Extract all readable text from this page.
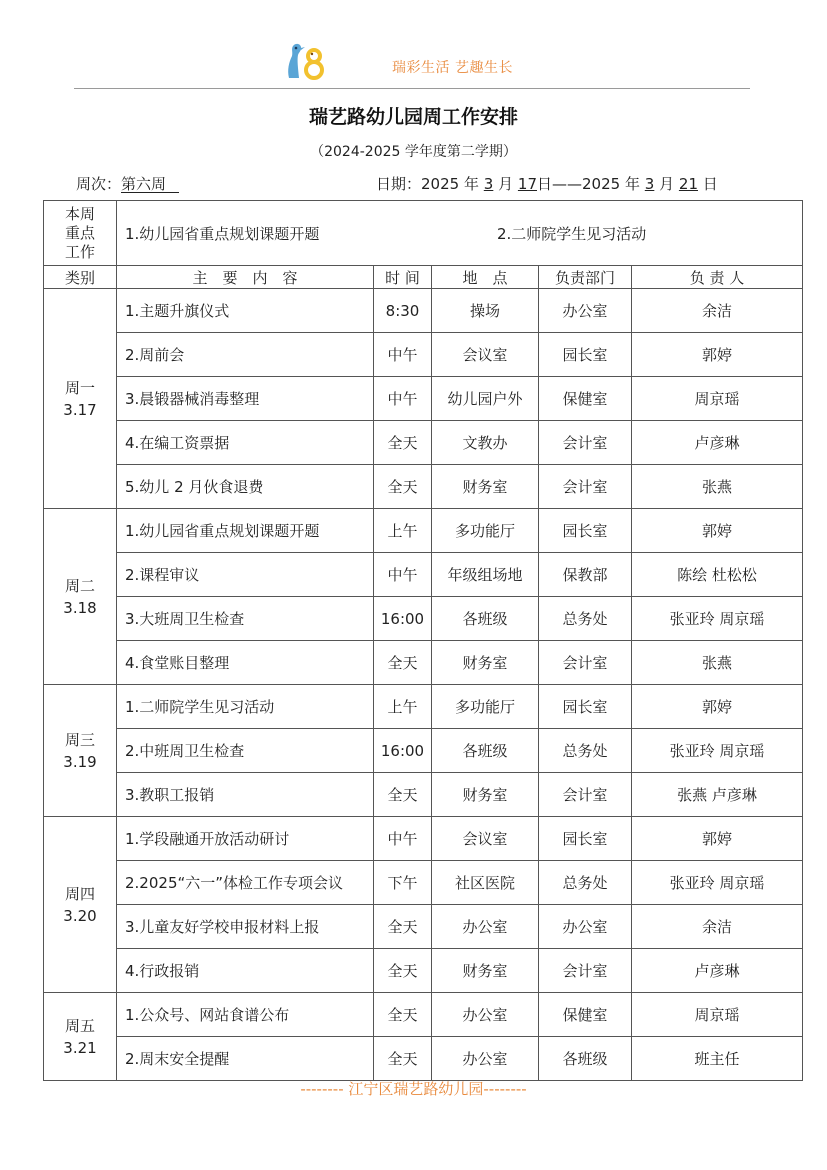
瑞彩生活 艺趣生长
瑞艺路幼儿园周工作安排
（2024-2025 学年度第二学期）
周次：第六周	日期：2025 年 3 月 17日——2025 年 3 月 21 日
本周重点工作	1.幼儿园省重点规划课题开题 2.二师院学生见习活动				
类别	主　要　内　容	时 间	地　点	负责部门	负 责 人

周一
3.17	1.主题升旗仪式	8:30	操场	办公室	余洁
	2.周前会	中午	会议室	园长室	郭婷
	3.晨锻器械消毒整理	中午	幼儿园户外	保健室	周京瑶
	4.在编工资票据	全天	文教办	会计室	卢彦琳
	5.幼儿 2 月伙食退费	全天	财务室	会计室	张燕

周二
3.18	1.幼儿园省重点规划课题开题	上午	多功能厅	园长室	郭婷
	2.课程审议	中午	年级组场地	保教部	陈绘 杜松松
	3.大班周卫生检查	16:00	各班级	总务处	张亚玲 周京瑶
	4.食堂账目整理	全天	财务室	会计室	张燕

周三
3.19	1.二师院学生见习活动	上午	多功能厅	园长室	郭婷
	2.中班周卫生检查	16:00	各班级	总务处	张亚玲 周京瑶
	3.教职工报销	全天	财务室	会计室	张燕 卢彦琳

周四
3.20	1.学段融通开放活动研讨	中午	会议室	园长室	郭婷
	2.2025“六一”体检工作专项会议	下午	社区医院	总务处	张亚玲 周京瑶
	3.儿童友好学校申报材料上报	全天	办公室	办公室	余洁
	4.行政报销	全天	财务室	会计室	卢彦琳

周五
3.21	1.公众号、网站食谱公布	全天	办公室	保健室	周京瑶
	2.周末安全提醒	全天	办公室	各班级	班主任
-------- 江宁区瑞艺路幼儿园--------
